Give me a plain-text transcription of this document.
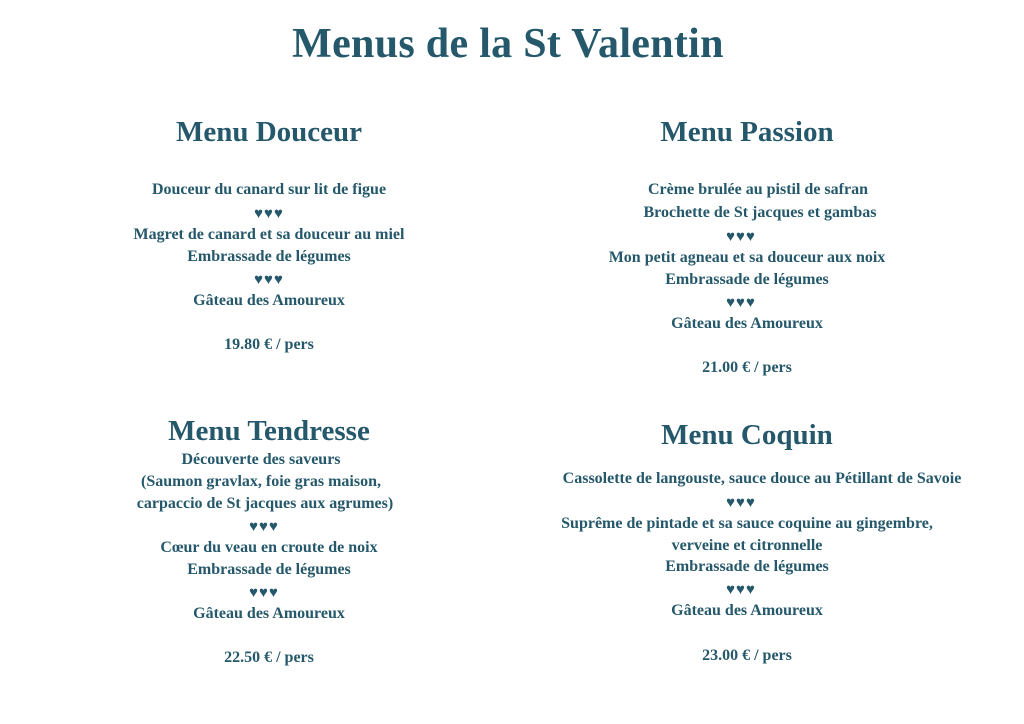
Menus de la St Valentin
Menu Douceur
Douceur du canard sur lit de figue
♥♥♥
Magret de canard et sa douceur au miel
Embrassade de légumes
♥♥♥
Gâteau des Amoureux
19.80 € / pers
Menu Passion
Crème brulée au pistil de safran
Brochette de St jacques et gambas
♥♥♥
Mon petit agneau et sa douceur aux noix
Embrassade de légumes
♥♥♥
Gâteau des Amoureux
21.00 € / pers
Menu Tendresse
Découverte des saveurs
(Saumon gravlax, foie gras maison,
carpaccio de St jacques aux agrumes)
♥♥♥
Cœur du veau en croute de noix
Embrassade de légumes
♥♥♥
Gâteau des Amoureux
22.50 € / pers
Menu Coquin
Cassolette de langouste, sauce douce au Pétillant de Savoie
♥♥♥
Suprême de pintade et sa sauce coquine au gingembre,
verveine et citronnelle
Embrassade de légumes
♥♥♥
Gâteau des Amoureux
23.00 € / pers
